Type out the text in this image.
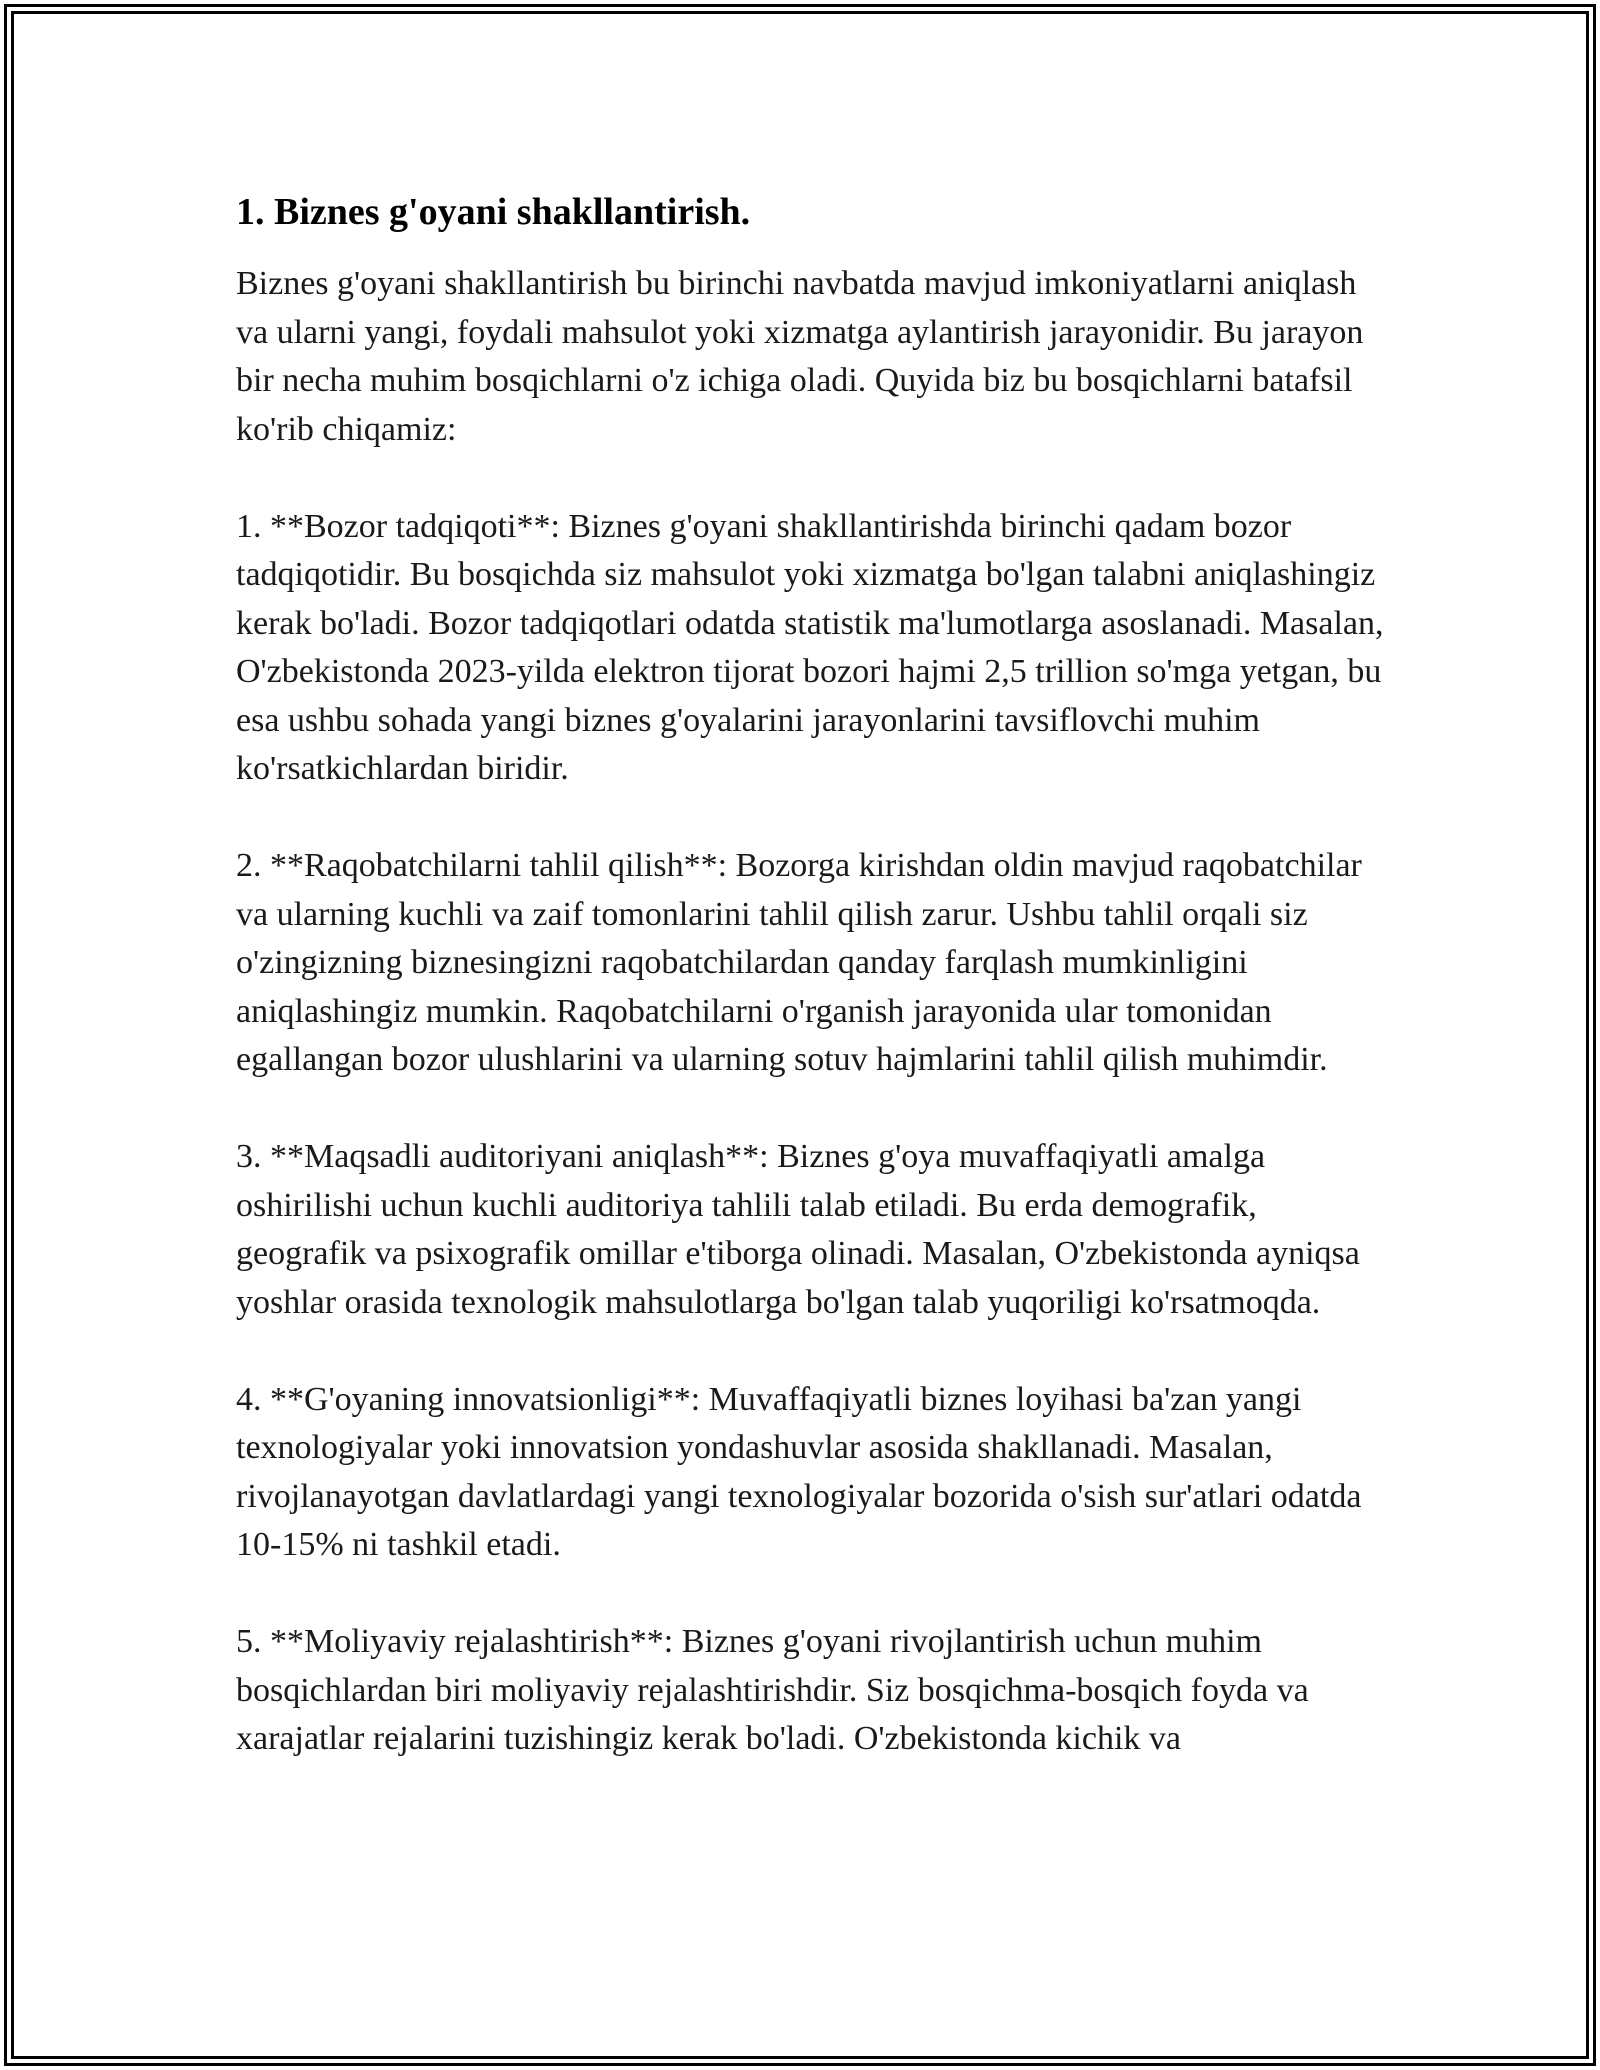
1. Biznes g'oyani shakllantirish.

Biznes g'oyani shakllantirish bu birinchi navbatda mavjud imkoniyatlarni aniqlash va ularni yangi, foydali mahsulot yoki xizmatga aylantirish jarayonidir. Bu jarayon bir necha muhim bosqichlarni o'z ichiga oladi. Quyida biz bu bosqichlarni batafsil ko'rib chiqamiz:

1. **Bozor tadqiqoti**: Biznes g'oyani shakllantirishda birinchi qadam bozor tadqiqotidir. Bu bosqichda siz mahsulot yoki xizmatga bo'lgan talabni aniqlashingiz kerak bo'ladi. Bozor tadqiqotlari odatda statistik ma'lumotlarga asoslanadi. Masalan, O'zbekistonda 2023-yilda elektron tijorat bozori hajmi 2,5 trillion so'mga yetgan, bu esa ushbu sohada yangi biznes g'oyalarini jarayonlarini tavsiflovchi muhim ko'rsatkichlardan biridir.

2. **Raqobatchilarni tahlil qilish**: Bozorga kirishdan oldin mavjud raqobatchilar va ularning kuchli va zaif tomonlarini tahlil qilish zarur. Ushbu tahlil orqali siz o'zingizning biznesingizni raqobatchilardan qanday farqlash mumkinligini aniqlashingiz mumkin. Raqobatchilarni o'rganish jarayonida ular tomonidan egallangan bozor ulushlarini va ularning sotuv hajmlarini tahlil qilish muhimdir.

3. **Maqsadli auditoriyani aniqlash**: Biznes g'oya muvaffaqiyatli amalga oshirilishi uchun kuchli auditoriya tahlili talab etiladi. Bu erda demografik, geografik va psixografik omillar e'tiborga olinadi. Masalan, O'zbekistonda ayniqsa yoshlar orasida texnologik mahsulotlarga bo'lgan talab yuqoriligi ko'rsatmoqda.

4. **G'oyaning innovatsionligi**: Muvaffaqiyatli biznes loyihasi ba'zan yangi texnologiyalar yoki innovatsion yondashuvlar asosida shakllanadi. Masalan, rivojlanayotgan davlatlardagi yangi texnologiyalar bozorida o'sish sur'atlari odatda 10-15% ni tashkil etadi.

5. **Moliyaviy rejalashtirish**: Biznes g'oyani rivojlantirish uchun muhim bosqichlardan biri moliyaviy rejalashtirishdir. Siz bosqichma-bosqich foyda va xarajatlar rejalarini tuzishingiz kerak bo'ladi. O'zbekistonda kichik va
